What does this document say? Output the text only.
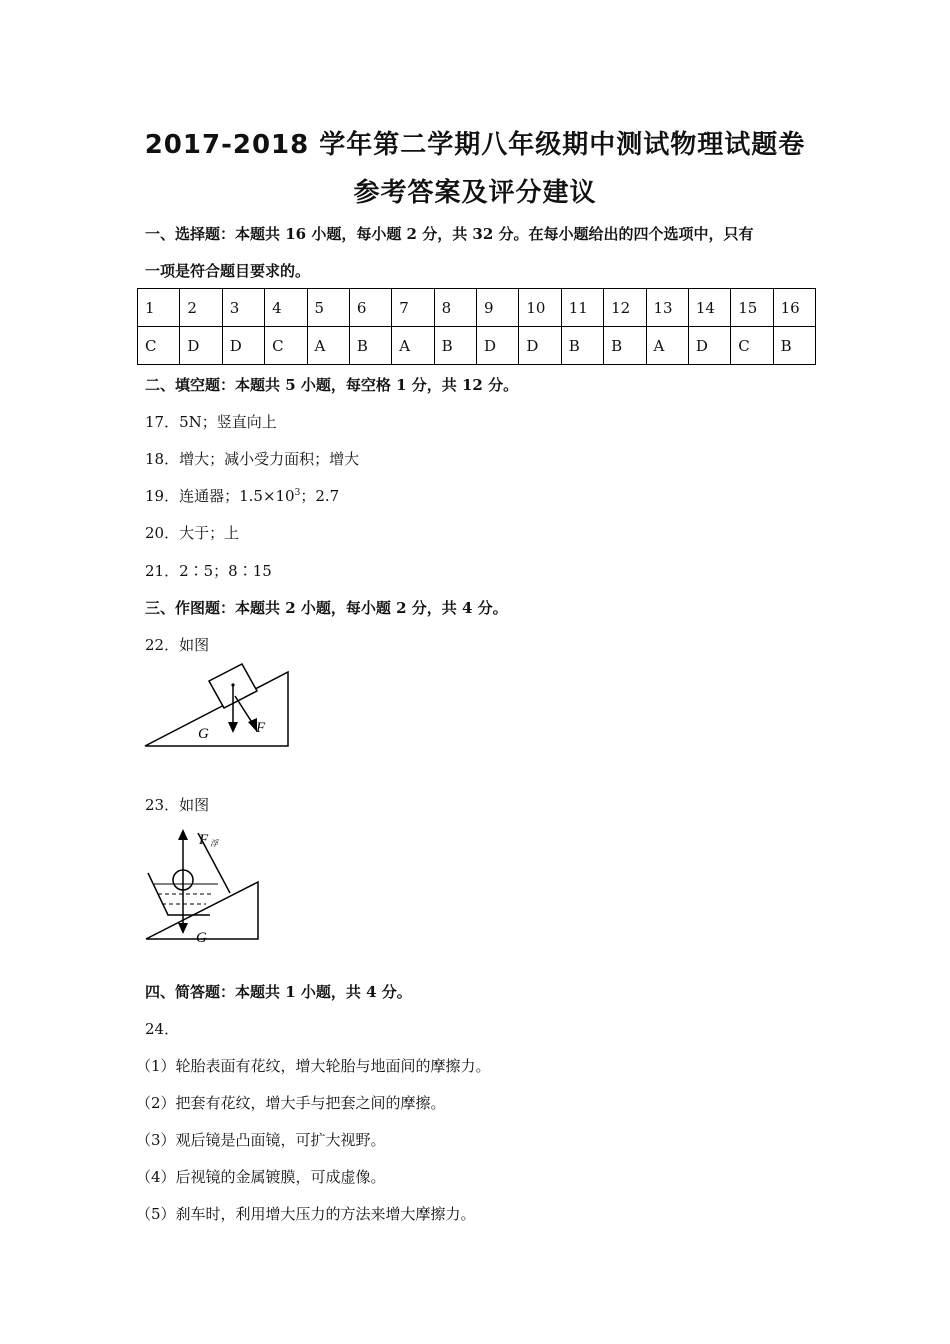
2017-2018 学年第二学期八年级期中测试物理试题卷
参考答案及评分建议
一、选择题：本题共 16 小题，每小题 2 分，共 32 分。在每小题给出的四个选项中，只有
一项是符合题目要求的。
1	2	3	4	5	6	7	8	9	10	11	12	13	14	15	16
C	D	D	C	A	B	A	B	D	D	B	B	A	D	C	B
二、填空题：本题共 5 小题，每空格 1 分，共 12 分。
17．5N；竖直向上
18．增大；减小受力面积；增大
19．连通器；$1.5\times 10^3$；2.7
20．大于；上
21．2∶5；8∶15
三、作图题：本题共 2 小题，每小题 2 分，共 4 分。
22．如图
G	F
23．如图
F 浮
G
四、简答题：本题共 1 小题，共 4 分。
24．
（1）轮胎表面有花纹，增大轮胎与地面间的摩擦力。
（2）把套有花纹，增大手与把套之间的摩擦。
（3）观后镜是凸面镜，可扩大视野。
（4）后视镜的金属镀膜，可成虚像。
（5）刹车时，利用增大压力的方法来增大摩擦力。
